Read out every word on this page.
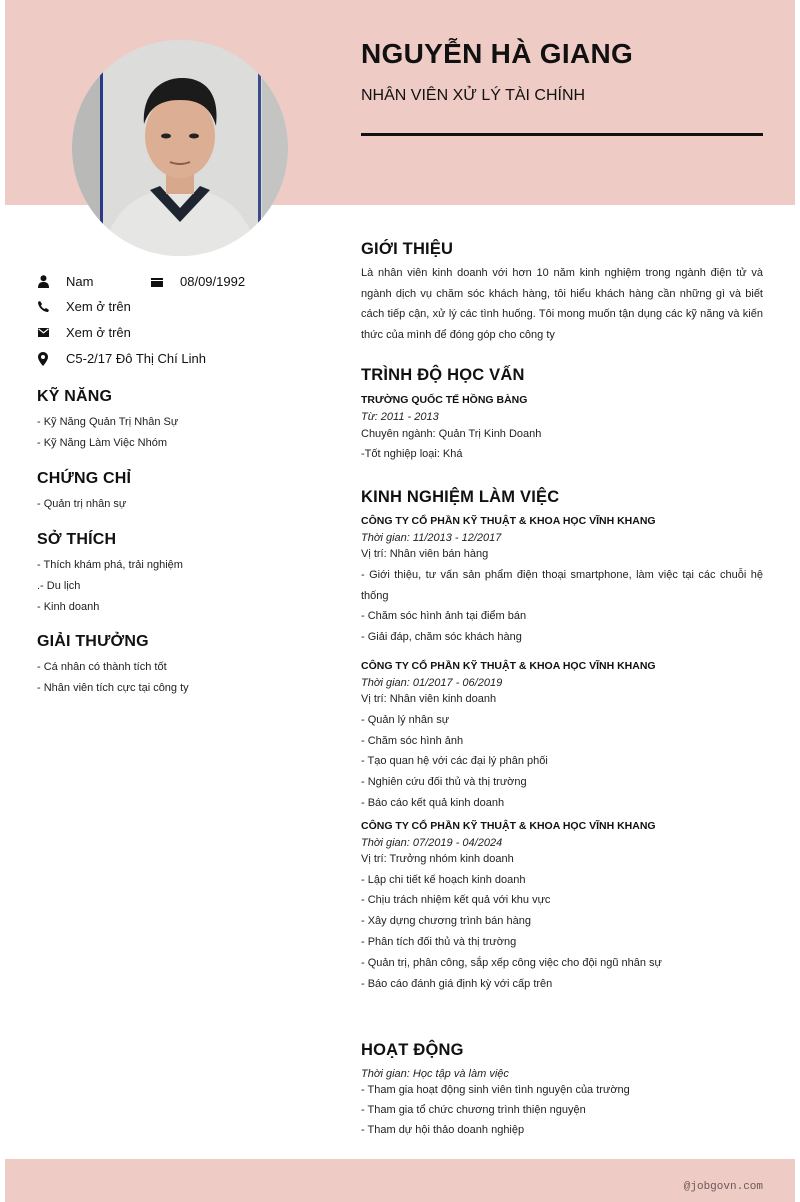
NGUYỄN HÀ GIANG
NHÂN VIÊN XỬ LÝ TÀI CHÍNH
Nam	08/09/1992
Xem ở trên
Xem ở trên
C5-2/17 Đô Thị Chí Linh
KỸ NĂNG
- Kỹ Năng Quản Trị Nhân Sự
- Kỹ Năng Làm Việc Nhóm
CHỨNG CHỈ
- Quản trị nhân sự
SỞ THÍCH
- Thích khám phá, trải nghiệm
.- Du lịch
- Kinh doanh
GIẢI THƯỞNG
- Cá nhân có thành tích tốt
- Nhân viên tích cực tại công ty
GIỚI THIỆU
Là nhân viên kinh doanh với hơn 10 năm kinh nghiệm trong ngành điện tử và ngành dịch vụ chăm sóc khách hàng, tôi hiểu khách hàng cần những gì và biết cách tiếp cận, xử lý các tình huống. Tôi mong muốn tận dụng các kỹ năng và kiến thức của mình để đóng góp cho công ty
TRÌNH ĐỘ HỌC VẤN
TRƯỜNG QUỐC TẾ HỒNG BÀNG
Từ: 2011 - 2013
Chuyên ngành: Quản Trị Kinh Doanh
-Tốt nghiệp loại: Khá
KINH NGHIỆM LÀM VIỆC
CÔNG TY CỔ PHẦN KỸ THUẬT & KHOA HỌC VĨNH KHANG
Thời gian: 11/2013 - 12/2017
Vị trí: Nhân viên bán hàng
- Giới thiệu, tư vấn sản phẩm điện thoại smartphone, làm việc tại các chuỗi hệ thống
- Chăm sóc hình ảnh tại điểm bán
- Giải đáp, chăm sóc khách hàng
CÔNG TY CỔ PHẦN KỸ THUẬT & KHOA HỌC VĨNH KHANG
Thời gian: 01/2017 - 06/2019
Vị trí: Nhân viên kinh doanh
- Quản lý nhân sự
- Chăm sóc hình ảnh
- Tạo quan hệ với các đại lý phân phối
- Nghiên cứu đối thủ và thị trường
- Báo cáo kết quả kinh doanh
CÔNG TY CỔ PHẦN KỸ THUẬT & KHOA HỌC VĨNH KHANG
Thời gian: 07/2019 - 04/2024
Vị trí: Trưởng nhóm kinh doanh
- Lập chi tiết kế hoạch kinh doanh
- Chịu trách nhiệm kết quả với khu vực
- Xây dựng chương trình bán hàng
- Phân tích đối thủ và thị trường
- Quản trị, phân công, sắp xếp công việc cho đội ngũ nhân sự
- Báo cáo đánh giá định kỳ với cấp trên
HOẠT ĐỘNG
Thời gian: Học tập và làm việc
- Tham gia hoạt động sinh viên tình nguyện của trường
- Tham gia tổ chức chương trình thiện nguyện
- Tham dự hội thảo doanh nghiệp
@jobgovn.com
